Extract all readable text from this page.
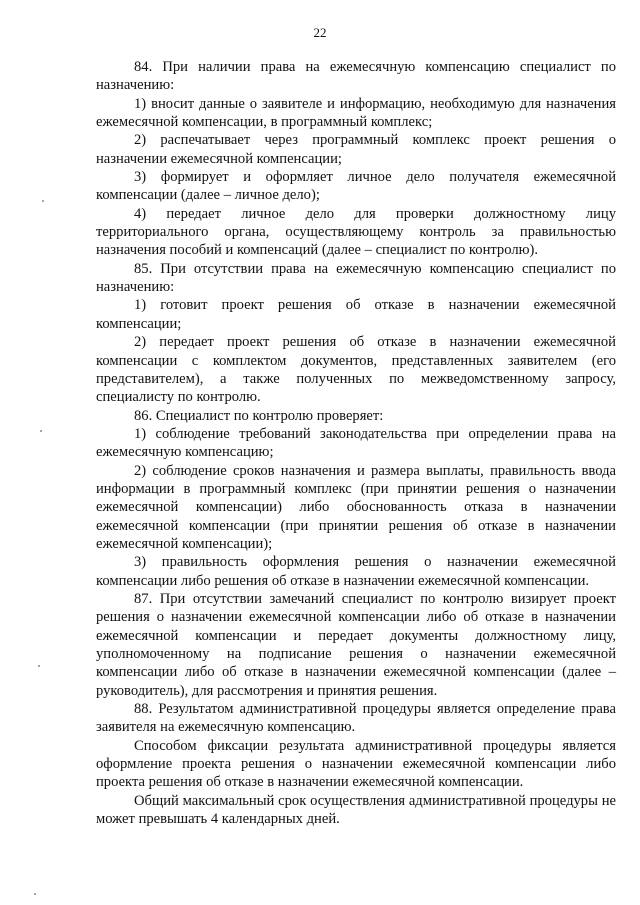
22

84. При наличии права на ежемесячную компенсацию специалист по назначению:

1) вносит данные о заявителе и информацию, необходимую для назначения ежемесячной компенсации, в программный комплекс;

2) распечатывает через программный комплекс проект решения о назначении ежемесячной компенсации;

3) формирует и оформляет личное дело получателя ежемесячной компенсации (далее – личное дело);

4) передает личное дело для проверки должностному лицу территориального органа, осуществляющему контроль за правильностью назначения пособий и компенсаций (далее – специалист по контролю).

85. При отсутствии права на ежемесячную компенсацию специалист по назначению:

1) готовит проект решения об отказе в назначении ежемесячной компенсации;

2) передает проект решения об отказе в назначении ежемесячной компенсации с комплектом документов, представленных заявителем (его представителем), а также полученных по межведомственному запросу, специалисту по контролю.

86. Специалист по контролю проверяет:

1) соблюдение требований законодательства при определении права на ежемесячную компенсацию;

2) соблюдение сроков назначения и размера выплаты, правильность ввода информации в программный комплекс (при принятии решения о назначении ежемесячной компенсации) либо обоснованность отказа в назначении ежемесячной компенсации (при принятии решения об отказе в назначении ежемесячной компенсации);

3) правильность оформления решения о назначении ежемесячной компенсации либо решения об отказе в назначении ежемесячной компенсации.

87. При отсутствии замечаний специалист по контролю визирует проект решения о назначении ежемесячной компенсации либо об отказе в назначении ежемесячной компенсации и передает документы должностному лицу, уполномоченному на подписание решения о назначении ежемесячной компенсации либо об отказе в назначении ежемесячной компенсации (далее – руководитель), для рассмотрения и принятия решения.

88. Результатом административной процедуры является определение права заявителя на ежемесячную компенсацию.

Способом фиксации результата административной процедуры является оформление проекта решения о назначении ежемесячной компенсации либо проекта решения об отказе в назначении ежемесячной компенсации.

Общий максимальный срок осуществления административной процедуры не может превышать 4 календарных дней.
